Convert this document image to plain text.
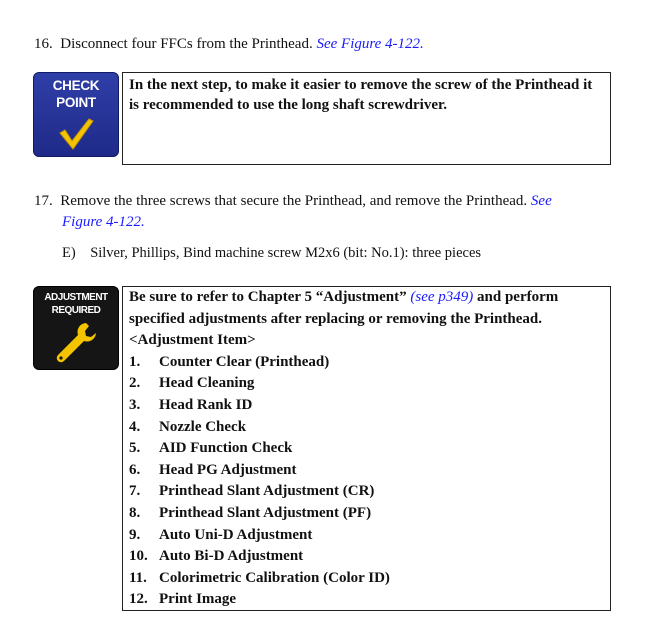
16. Disconnect four FFCs from the Printhead. See Figure 4-122.
CHECK
POINT
In the next step, to make it easier to remove the screw of the Printhead it is recommended to use the long shaft screwdriver.
17. Remove the three screws that secure the Printhead, and remove the Printhead. See
Figure 4-122.
E) Silver, Phillips, Bind machine screw M2x6 (bit: No.1): three pieces
ADJUSTMENT
REQUIRED
Be sure to refer to Chapter 5 “Adjustment” (see p349) and perform specified adjustments after replacing or removing the Printhead.
<Adjustment Item>
1.	Counter Clear (Printhead)
2.	Head Cleaning
3.	Head Rank ID
4.	Nozzle Check
5.	AID Function Check
6.	Head PG Adjustment
7.	Printhead Slant Adjustment (CR)
8.	Printhead Slant Adjustment (PF)
9.	Auto Uni-D Adjustment
10. Auto Bi-D Adjustment
11. Colorimetric Calibration (Color ID)
12. Print Image
